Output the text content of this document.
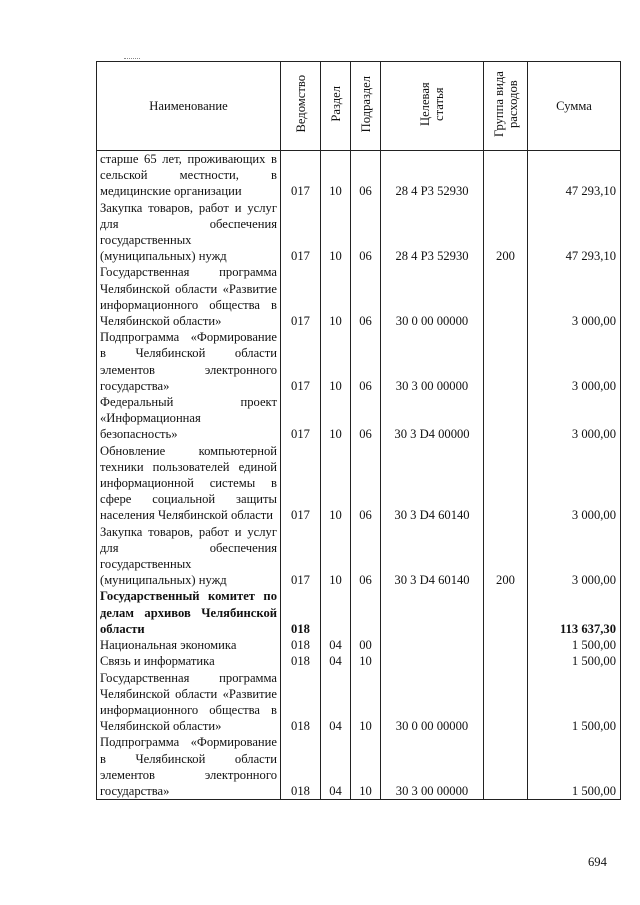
Наименование	Ведомство	Раздел	Подраздел	Целевая статья	Группа вида расходов	Сумма
старше 65 лет, проживающих в сельской местности, в медицинские организации	017	10	06	28 4 Р3 52930		47 293,10
Закупка товаров, работ и услуг для обеспечения государственных (муниципальных) нужд	017	10	06	28 4 Р3 52930	200	47 293,10
Государственная программа Челябинской области «Развитие информационного общества в Челябинской области»	017	10	06	30 0 00 00000		3 000,00
Подпрограмма «Формирование в Челябинской области элементов электронного государства»	017	10	06	30 3 00 00000		3 000,00
Федеральный проект «Информационная безопасность»	017	10	06	30 3 D4 00000		3 000,00
Обновление компьютерной техники пользователей единой информационной системы в сфере социальной защиты населения Челябинской области	017	10	06	30 3 D4 60140		3 000,00
Закупка товаров, работ и услуг для обеспечения государственных (муниципальных) нужд	017	10	06	30 3 D4 60140	200	3 000,00
Государственный комитет по делам архивов Челябинской области	018					113 637,30
Национальная экономика	018	04	00			1 500,00
Связь и информатика	018	04	10			1 500,00
Государственная программа Челябинской области «Развитие информационного общества в Челябинской области»	018	04	10	30 0 00 00000		1 500,00
Подпрограмма «Формирование в Челябинской области элементов электронного государства»	018	04	10	30 3 00 00000		1 500,00
694
